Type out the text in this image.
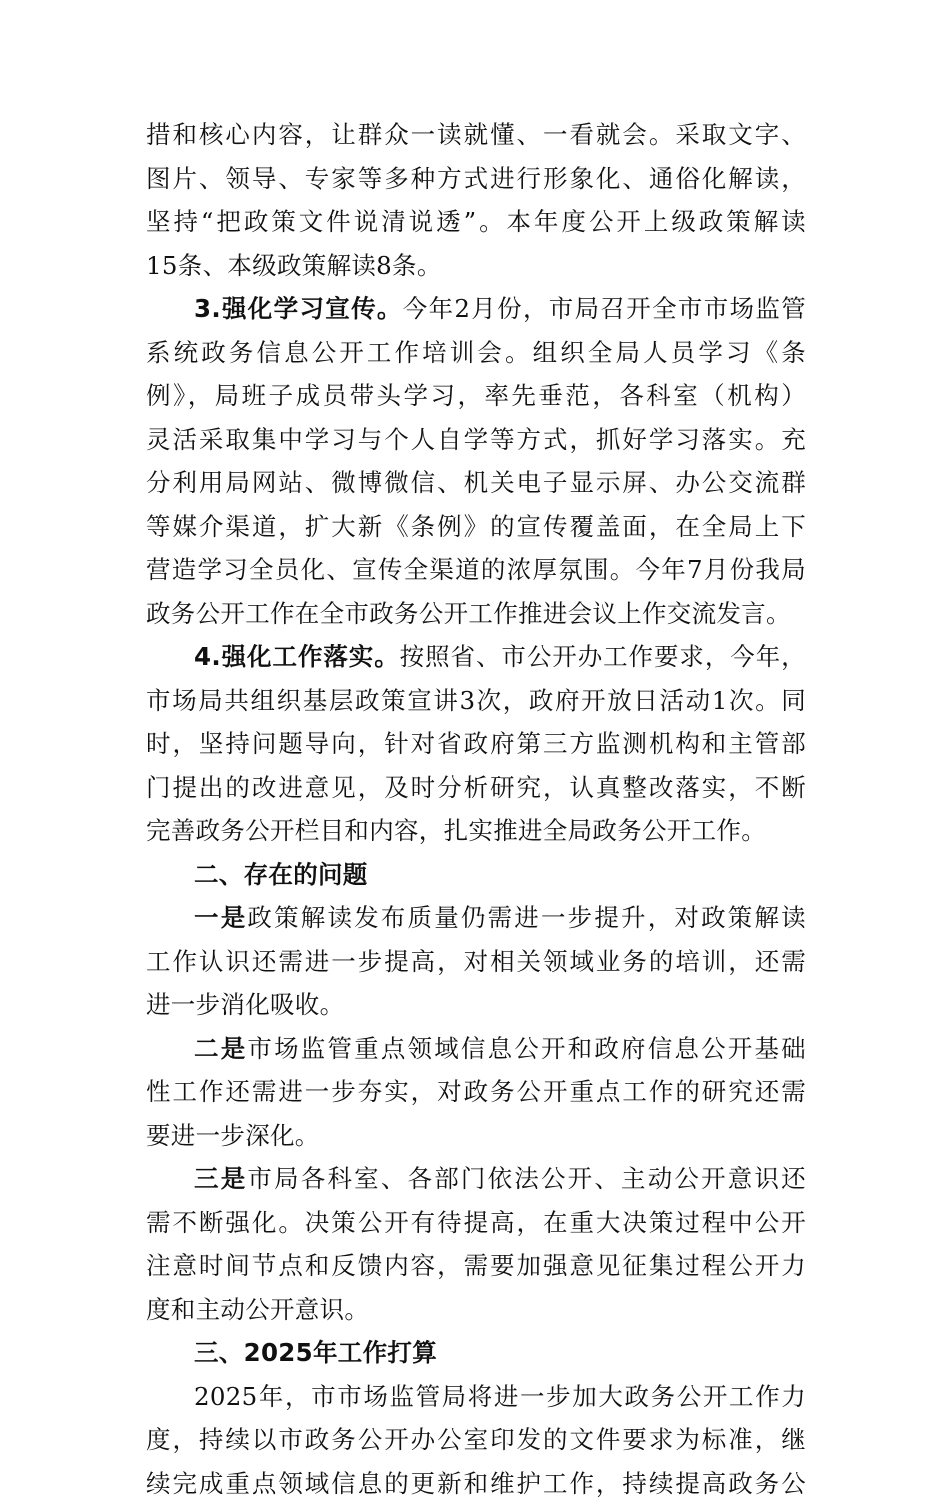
措和核心内容，让群众一读就懂、一看就会。采取文字、
图片、领导、专家等多种方式进行形象化、通俗化解读，
坚持“把政策文件说清说透”。本年度公开上级政策解读
15条、本级政策解读8条。
3.强化学习宣传。今年2月份，市局召开全市市场监管
系统政务信息公开工作培训会。组织全局人员学习《条
例》，局班子成员带头学习，率先垂范，各科室（机构）
灵活采取集中学习与个人自学等方式，抓好学习落实。充
分利用局网站、微博微信、机关电子显示屏、办公交流群
等媒介渠道，扩大新《条例》的宣传覆盖面，在全局上下
营造学习全员化、宣传全渠道的浓厚氛围。今年7月份我局
政务公开工作在全市政务公开工作推进会议上作交流发言。
4.强化工作落实。按照省、市公开办工作要求，今年，
市场局共组织基层政策宣讲3次，政府开放日活动1次。同
时，坚持问题导向，针对省政府第三方监测机构和主管部
门提出的改进意见，及时分析研究，认真整改落实，不断
完善政务公开栏目和内容，扎实推进全局政务公开工作。
二、存在的问题
一是政策解读发布质量仍需进一步提升，对政策解读
工作认识还需进一步提高，对相关领域业务的培训，还需
进一步消化吸收。
二是市场监管重点领域信息公开和政府信息公开基础
性工作还需进一步夯实，对政务公开重点工作的研究还需
要进一步深化。
三是市局各科室、各部门依法公开、主动公开意识还
需不断强化。决策公开有待提高，在重大决策过程中公开
注意时间节点和反馈内容，需要加强意见征集过程公开力
度和主动公开意识。
三、2025年工作打算
2025年，市市场监管局将进一步加大政务公开工作力
度，持续以市政务公开办公室印发的文件要求为标准，继
续完成重点领域信息的更新和维护工作，持续提高政务公
